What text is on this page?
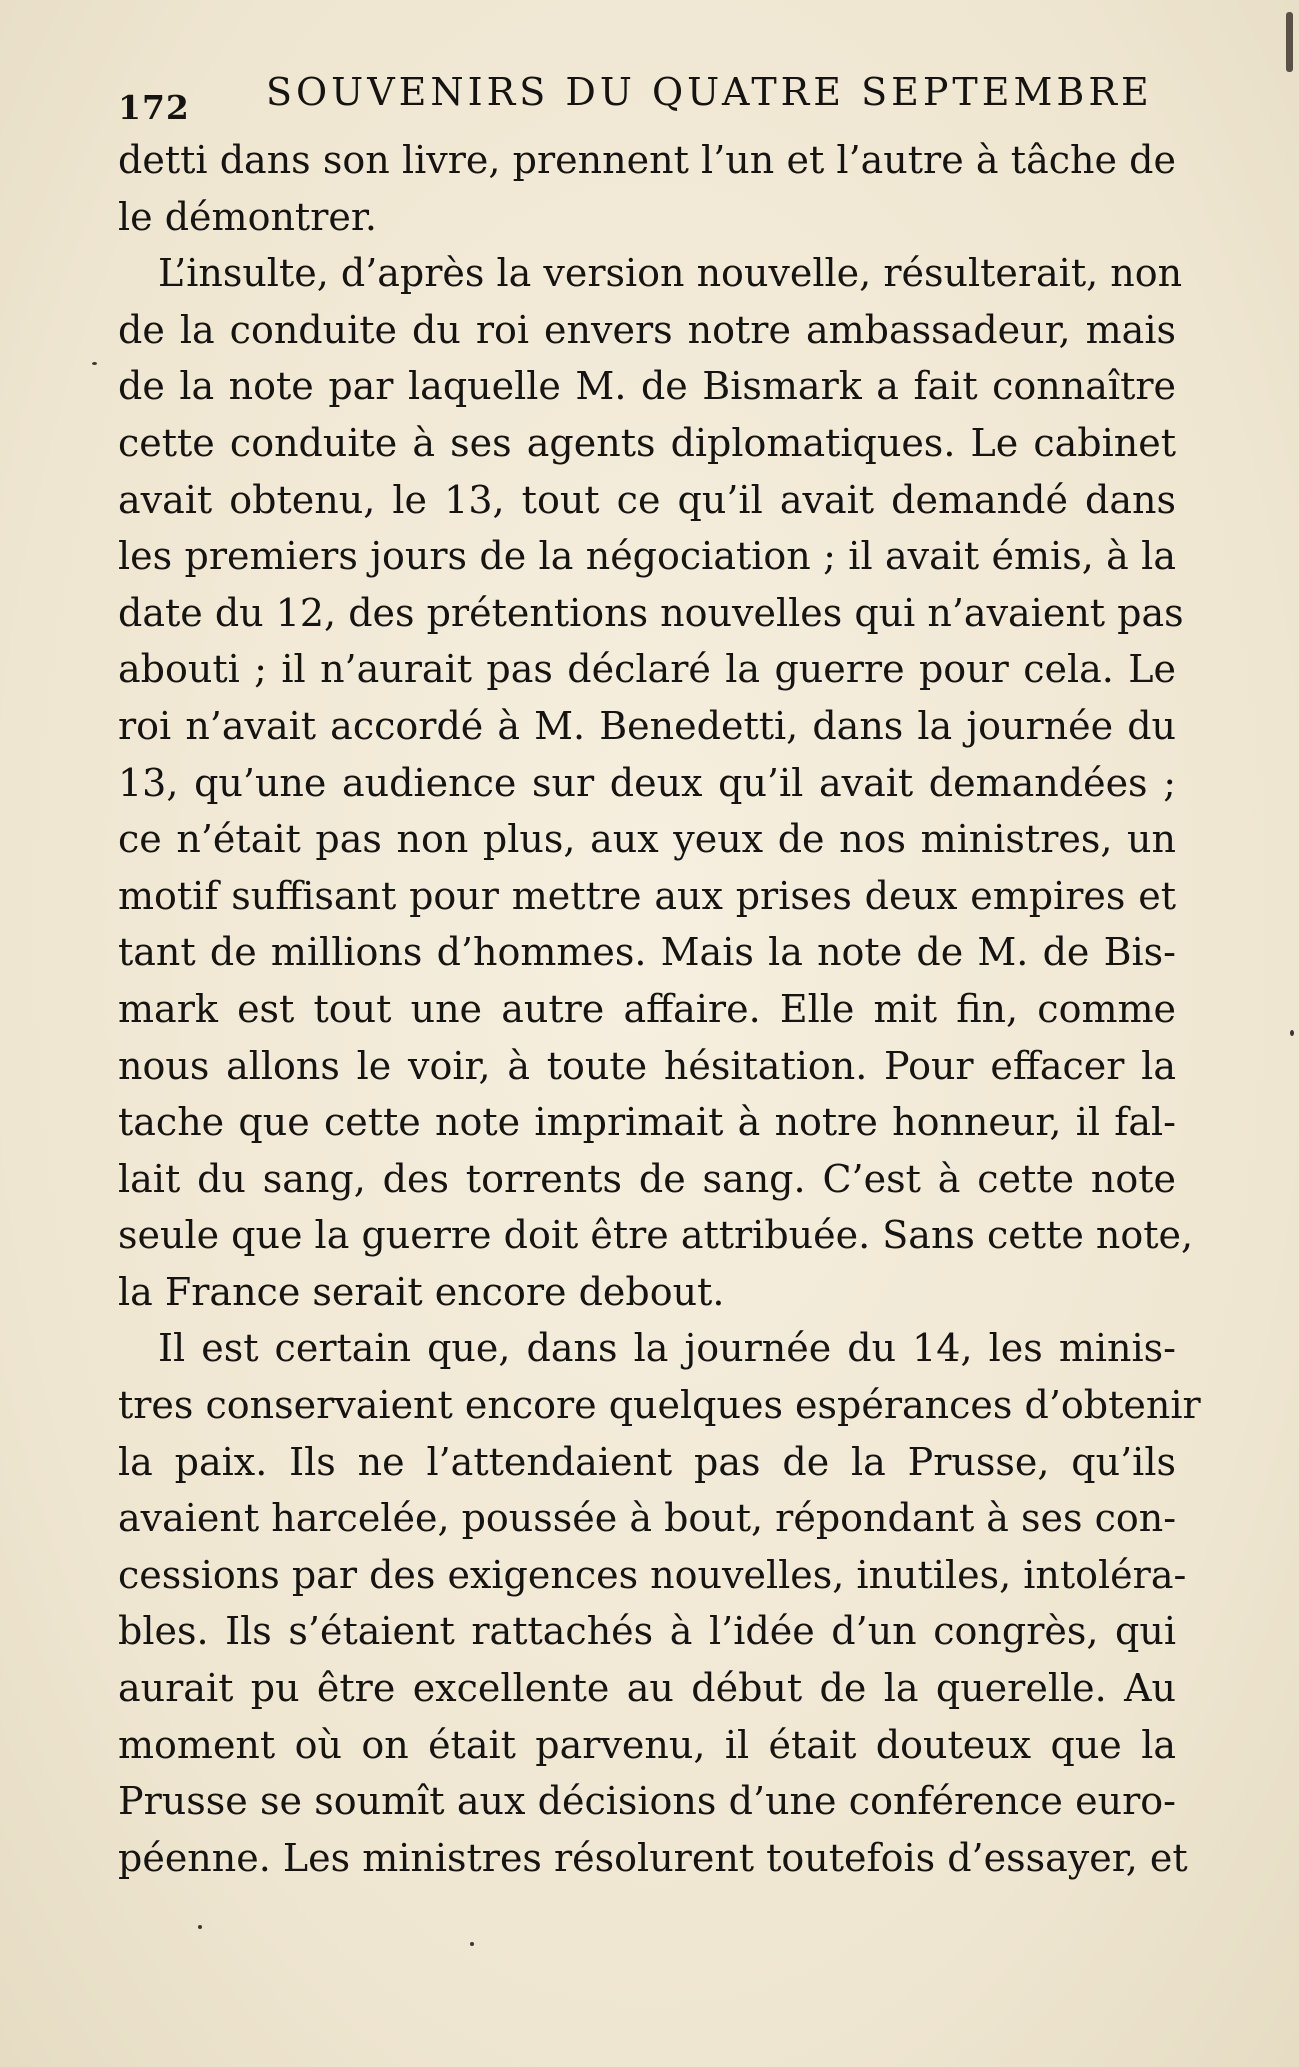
172 SOUVENIRS DU QUATRE SEPTEMBRE
detti dans son livre, prennent l’un et l’autre à tâche de
le démontrer.
L’insulte, d’après la version nouvelle, résulterait, non
de la conduite du roi envers notre ambassadeur, mais
de la note par laquelle M. de Bismark a fait connaître
cette conduite à ses agents diplomatiques. Le cabinet
avait obtenu, le 13, tout ce qu’il avait demandé dans
les premiers jours de la négociation ; il avait émis, à la
date du 12, des prétentions nouvelles qui n’avaient pas
abouti ; il n’aurait pas déclaré la guerre pour cela. Le
roi n’avait accordé à M. Benedetti, dans la journée du
13, qu’une audience sur deux qu’il avait demandées ;
ce n’était pas non plus, aux yeux de nos ministres, un
motif suffisant pour mettre aux prises deux empires et
tant de millions d’hommes. Mais la note de M. de Bis-
mark est tout une autre affaire. Elle mit fin, comme
nous allons le voir, à toute hésitation. Pour effacer la
tache que cette note imprimait à notre honneur, il fal-
lait du sang, des torrents de sang. C’est à cette note
seule que la guerre doit être attribuée. Sans cette note,
la France serait encore debout.
Il est certain que, dans la journée du 14, les minis-
tres conservaient encore quelques espérances d’obtenir
la paix. Ils ne l’attendaient pas de la Prusse, qu’ils
avaient harcelée, poussée à bout, répondant à ses con-
cessions par des exigences nouvelles, inutiles, intoléra-
bles. Ils s’étaient rattachés à l’idée d’un congrès, qui
aurait pu être excellente au début de la querelle. Au
moment où on était parvenu, il était douteux que la
Prusse se soumît aux décisions d’une conférence euro-
péenne. Les ministres résolurent toutefois d’essayer, et
